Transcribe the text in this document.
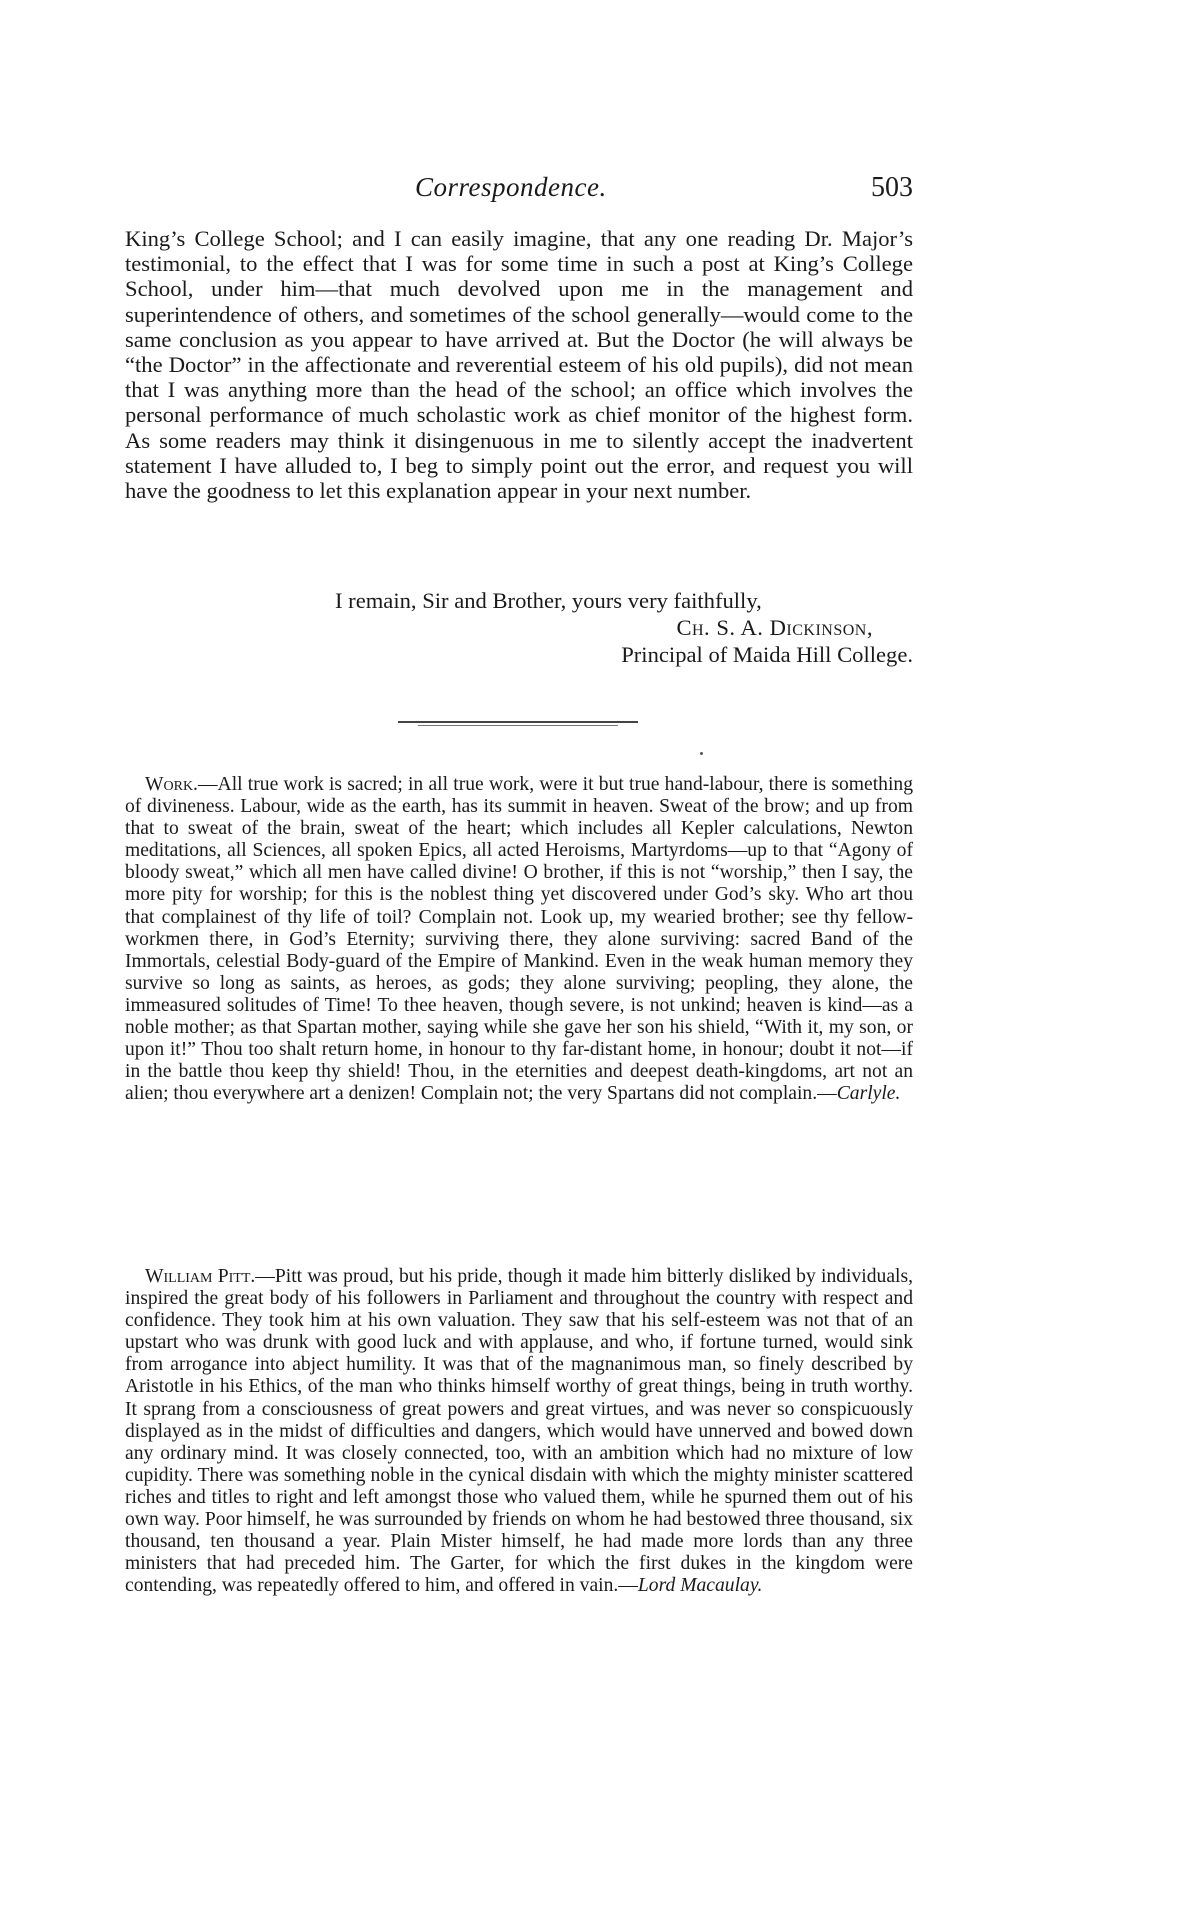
Correspondence.	503

King’s College School; and I can easily imagine, that any one reading Dr. Major’s testimonial, to the effect that I was for some time in such a post at King’s College School, under him—that much devolved upon me in the management and superintendence of others, and sometimes of the school generally—would come to the same conclusion as you appear to have arrived at. But the Doctor (he will always be “the Doctor” in the affectionate and reverential esteem of his old pupils), did not mean that I was anything more than the head of the school; an office which involves the personal performance of much scholastic work as chief monitor of the highest form. As some readers may think it disingenuous in me to silently accept the inadvertent statement I have alluded to, I beg to simply point out the error, and request you will have the goodness to let this explanation appear in your next number.

I remain, Sir and Brother, yours very faithfully,
Ch. S. A. Dickinson,
Principal of Maida Hill College.

Work.—All true work is sacred; in all true work, were it but true hand-labour, there is something of divineness. Labour, wide as the earth, has its summit in heaven. Sweat of the brow; and up from that to sweat of the brain, sweat of the heart; which includes all Kepler calculations, Newton meditations, all Sciences, all spoken Epics, all acted Heroisms, Martyrdoms—up to that “Agony of bloody sweat,” which all men have called divine! O brother, if this is not “worship,” then I say, the more pity for worship; for this is the noblest thing yet discovered under God’s sky. Who art thou that complainest of thy life of toil? Complain not. Look up, my wearied brother; see thy fellow-workmen there, in God’s Eternity; surviving there, they alone surviving: sacred Band of the Immortals, celestial Body-guard of the Empire of Mankind. Even in the weak human memory they survive so long as saints, as heroes, as gods; they alone surviving; peopling, they alone, the immeasured solitudes of Time! To thee heaven, though severe, is not unkind; heaven is kind—as a noble mother; as that Spartan mother, saying while she gave her son his shield, “With it, my son, or upon it!” Thou too shalt return home, in honour to thy far-distant home, in honour; doubt it not—if in the battle thou keep thy shield! Thou, in the eternities and deepest death-kingdoms, art not an alien; thou everywhere art a denizen! Complain not; the very Spartans did not complain.—Carlyle.

William Pitt.—Pitt was proud, but his pride, though it made him bitterly disliked by individuals, inspired the great body of his followers in Parliament and throughout the country with respect and confidence. They took him at his own valuation. They saw that his self-esteem was not that of an upstart who was drunk with good luck and with applause, and who, if fortune turned, would sink from arrogance into abject humility. It was that of the magnanimous man, so finely described by Aristotle in his Ethics, of the man who thinks himself worthy of great things, being in truth worthy. It sprang from a consciousness of great powers and great virtues, and was never so conspicuously displayed as in the midst of difficulties and dangers, which would have unnerved and bowed down any ordinary mind. It was closely connected, too, with an ambition which had no mixture of low cupidity. There was something noble in the cynical disdain with which the mighty minister scattered riches and titles to right and left amongst those who valued them, while he spurned them out of his own way. Poor himself, he was surrounded by friends on whom he had bestowed three thousand, six thousand, ten thousand a year. Plain Mister himself, he had made more lords than any three ministers that had preceded him. The Garter, for which the first dukes in the kingdom were contending, was repeatedly offered to him, and offered in vain.—Lord Macaulay.
